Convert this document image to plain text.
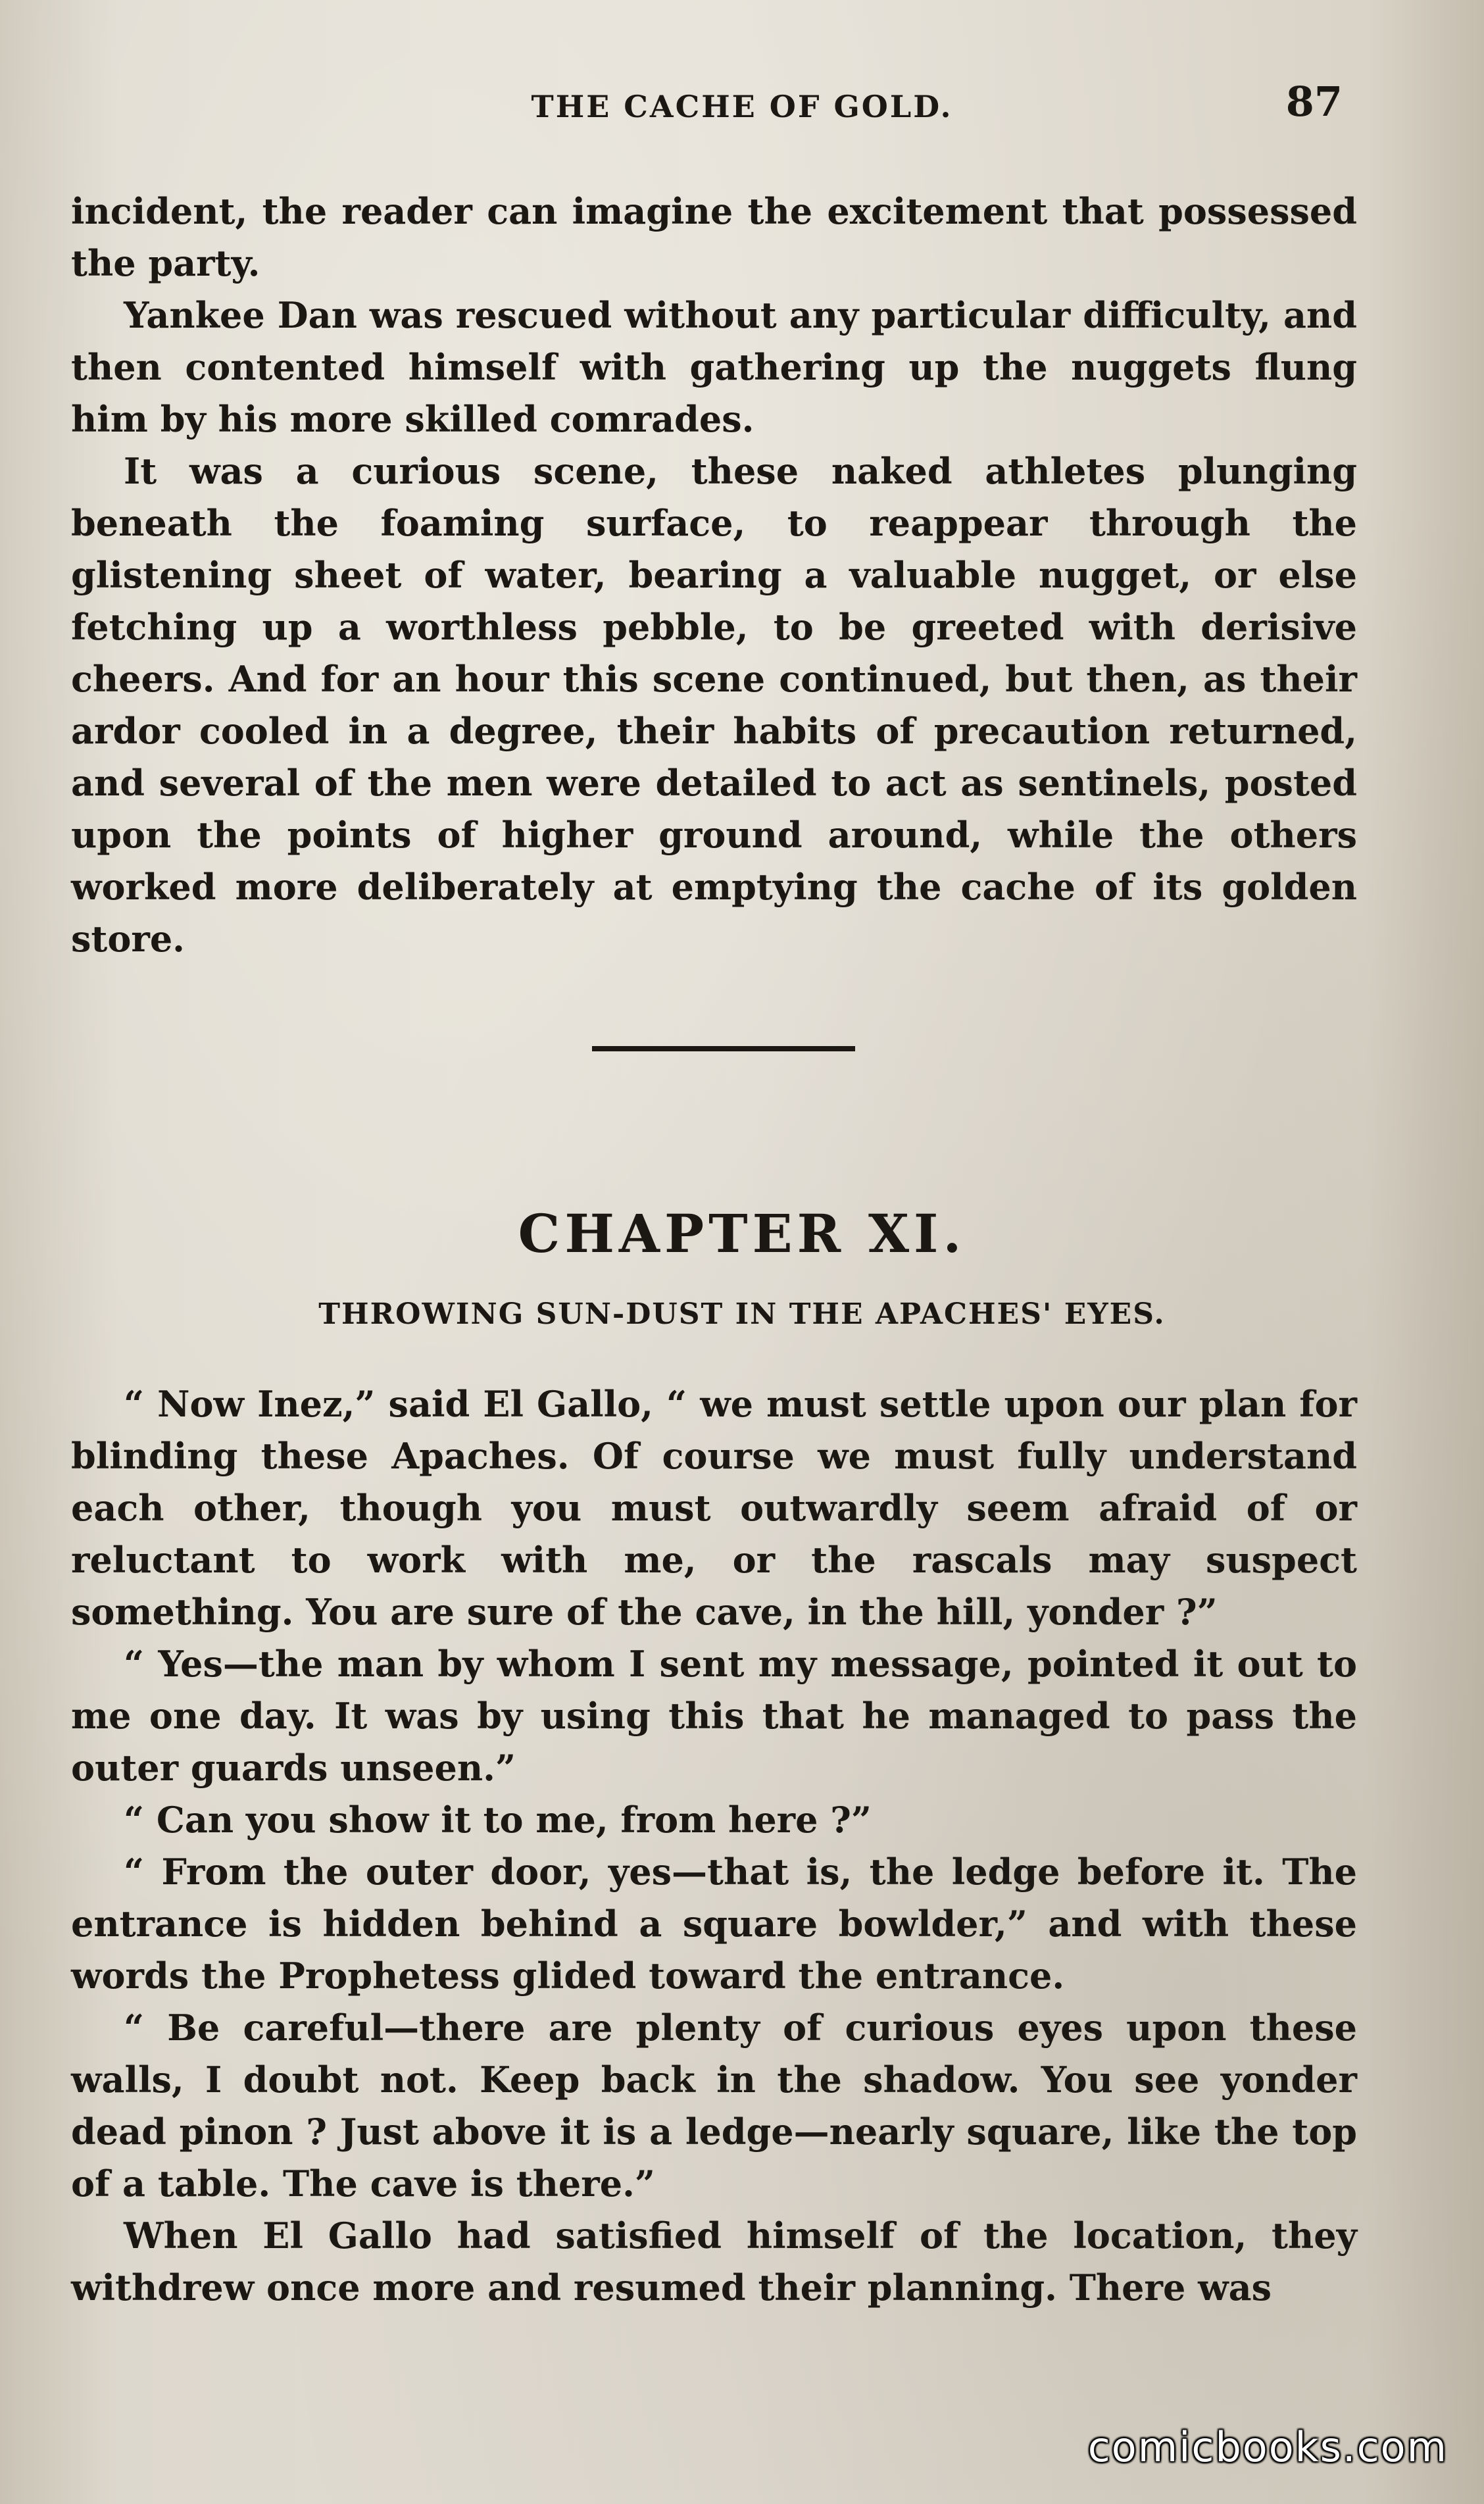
THE CACHE OF GOLD.	87

incident, the reader can imagine the excitement that possessed the party.

Yankee Dan was rescued without any particular difficulty, and then contented himself with gathering up the nuggets flung him by his more skilled comrades.

It was a curious scene, these naked athletes plunging beneath the foaming surface, to reappear through the glistening sheet of water, bearing a valuable nugget, or else fetching up a worthless pebble, to be greeted with derisive cheers. And for an hour this scene continued, but then, as their ardor cooled in a degree, their habits of precaution returned, and several of the men were detailed to act as sentinels, posted upon the points of higher ground around, while the others worked more deliberately at emptying the cache of its golden store.

CHAPTER XI.
THROWING SUN-DUST IN THE APACHES' EYES.

“ Now Inez,” said El Gallo, “ we must settle upon our plan for blinding these Apaches. Of course we must fully understand each other, though you must outwardly seem afraid of or reluctant to work with me, or the rascals may suspect something. You are sure of the cave, in the hill, yonder ?”

“ Yes—the man by whom I sent my message, pointed it out to me one day. It was by using this that he managed to pass the outer guards unseen.”

“ Can you show it to me, from here ?”

“ From the outer door, yes—that is, the ledge before it. The entrance is hidden behind a square bowlder,” and with these words the Prophetess glided toward the entrance.

“ Be careful—there are plenty of curious eyes upon these walls, I doubt not. Keep back in the shadow. You see yonder dead pinon ? Just above it is a ledge—nearly square, like the top of a table. The cave is there.”

When El Gallo had satisfied himself of the location, they withdrew once more and resumed their planning. There was

comicbooks.com
